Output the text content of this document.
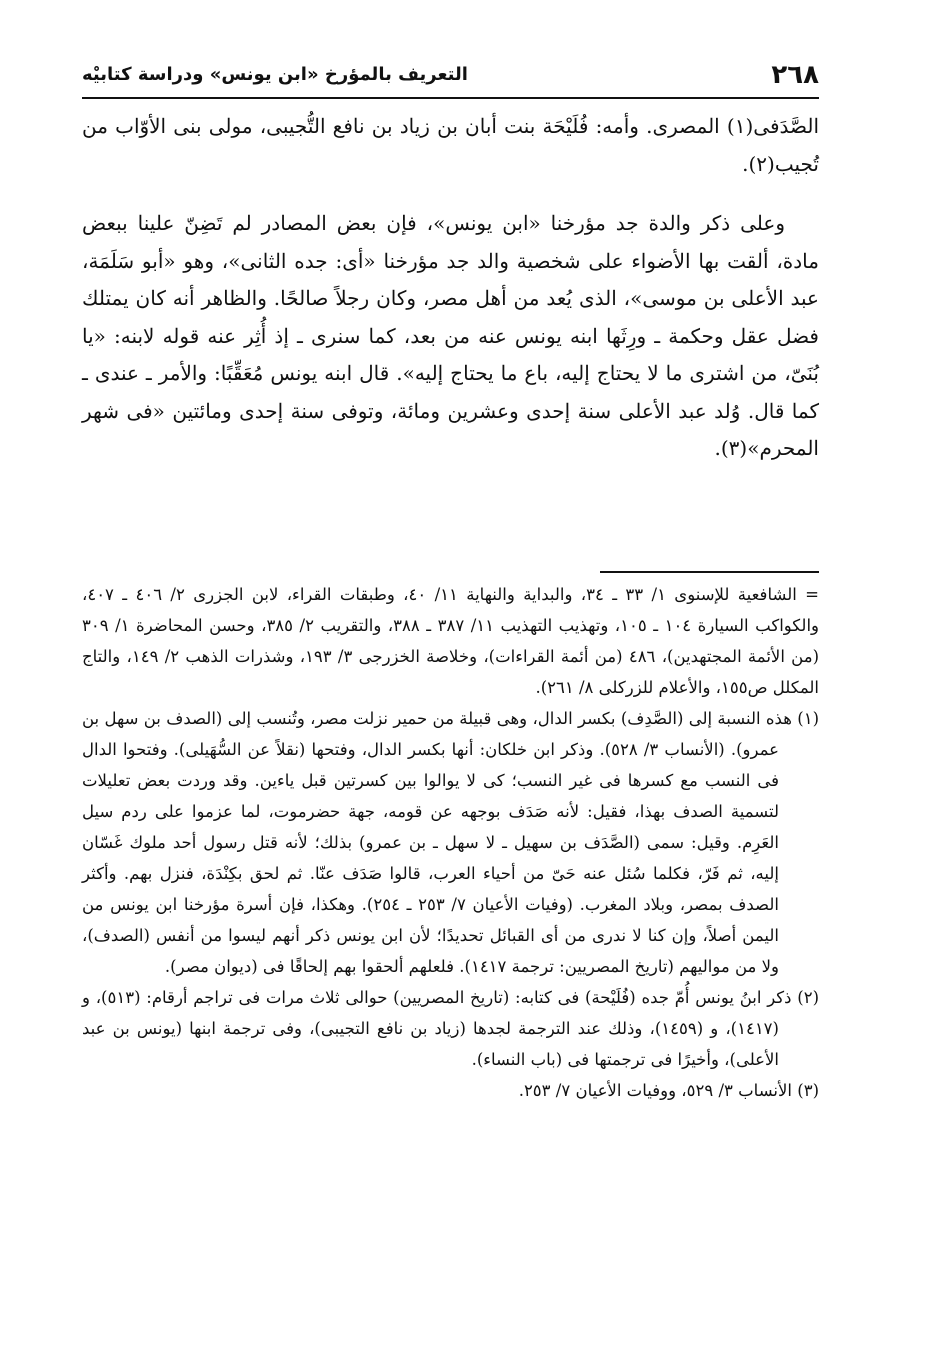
٢٦٨
التعريف بالمؤرخ «ابن يونس» ودراسة كتابيْه

الصَّدَفى(١) المصرى. وأمه: فُلَيْحَة بنت أبان بن زياد بن نافع التُّجيبى، مولى بنى الأوّاب من تُجيب(٢).

وعلى ذكر والدة جد مؤرخنا «ابن يونس»، فإن بعض المصادر لم تَضِنّ علينا ببعض مادة، ألقت بها الأضواء على شخصية والد جد مؤرخنا «أى: جده الثانى»، وهو «أبو سَلَمَة، عبد الأعلى بن موسى»، الذى يُعد من أهل مصر، وكان رجلاً صالحًا. والظاهر أنه كان يمتلك فضل عقل وحكمة ـ ورِثَها ابنه يونس عنه من بعد، كما سنرى ـ إذ أُثِر عنه قوله لابنه: «يا بُنَىّ، من اشترى ما لا يحتاج إليه، باع ما يحتاج إليه». قال ابنه يونس مُعَقِّبًا: والأمر ـ عندى ـ كما قال. وُلد عبد الأعلى سنة إحدى وعشرين ومائة، وتوفى سنة إحدى ومائتين «فى شهر المحرم»(٣).

= الشافعية للإسنوى ١/ ٣٣ ـ ٣٤، والبداية والنهاية ١١/ ٤٠، وطبقات القراء، لابن الجزرى ٢/ ٤٠٦ ـ ٤٠٧، والكواكب السيارة ١٠٤ ـ ١٠٥، وتهذيب التهذيب ١١/ ٣٨٧ ـ ٣٨٨، والتقريب ٢/ ٣٨٥، وحسن المحاضرة ١/ ٣٠٩ (من الأئمة المجتهدين)، ٤٨٦ (من أئمة القراءات)، وخلاصة الخزرجى ٣/ ١٩٣، وشذرات الذهب ٢/ ١٤٩، والتاج المكلل ص١٥٥، والأعلام للزركلى ٨/ ٢٦١).

(١) هذه النسبة إلى (الصَّدِف) بكسر الدال، وهى قبيلة من حمير نزلت مصر، وتُنسب إلى (الصدف بن سهل بن عمرو). (الأنساب ٣/ ٥٢٨). وذكر ابن خلكان: أنها بكسر الدال، وفتحها (نقلاً عن السُّهَيلى). وفتحوا الدال فى النسب مع كسرها فى غير النسب؛ كى لا يوالوا بين كسرتين قبل ياءين. وقد وردت بعض تعليلات لتسمية الصدف بهذا، فقيل: لأنه صَدَف بوجهه عن قومه، جهة حضرموت، لما عزموا على ردم سيل العَرِم. وقيل: سمى (الصَّدَف بن سهيل ـ لا سهل ـ بن عمرو) بذلك؛ لأنه قتل رسول أحد ملوك غَسّان إليه، ثم فَرّ، فكلما سُئل عنه حَىّ من أحياء العرب، قالوا صَدَف عنّا. ثم لحق بكِنْدَة، فنزل بهم. وأكثر الصدف بمصر، وبلاد المغرب. (وفيات الأعيان ٧/ ٢٥٣ ـ ٢٥٤). وهكذا، فإن أسرة مؤرخنا ابن يونس من اليمن أصلاً، وإن كنا لا ندرى من أى القبائل تحديدًا؛ لأن ابن يونس ذكر أنهم ليسوا من أنفس (الصدف)، ولا من مواليهم (تاريخ المصريين: ترجمة ١٤١٧). فلعلهم ألحقوا بهم إلحاقًا فى (ديوان مصر).

(٢) ذكر ابنُ يونس أُمّ جده (فُلَيْحة) فى كتابه: (تاريخ المصريين) حوالى ثلاث مرات فى تراجم أرقام: (٥١٣)، و (١٤١٧)، و (١٤٥٩)، وذلك عند الترجمة لجدها (زياد بن نافع التجيبى)، وفى ترجمة ابنها (يونس بن عبد الأعلى)، وأخيرًا فى ترجمتها فى (باب النساء).

(٣) الأنساب ٣/ ٥٢٩، ووفيات الأعيان ٧/ ٢٥٣.
